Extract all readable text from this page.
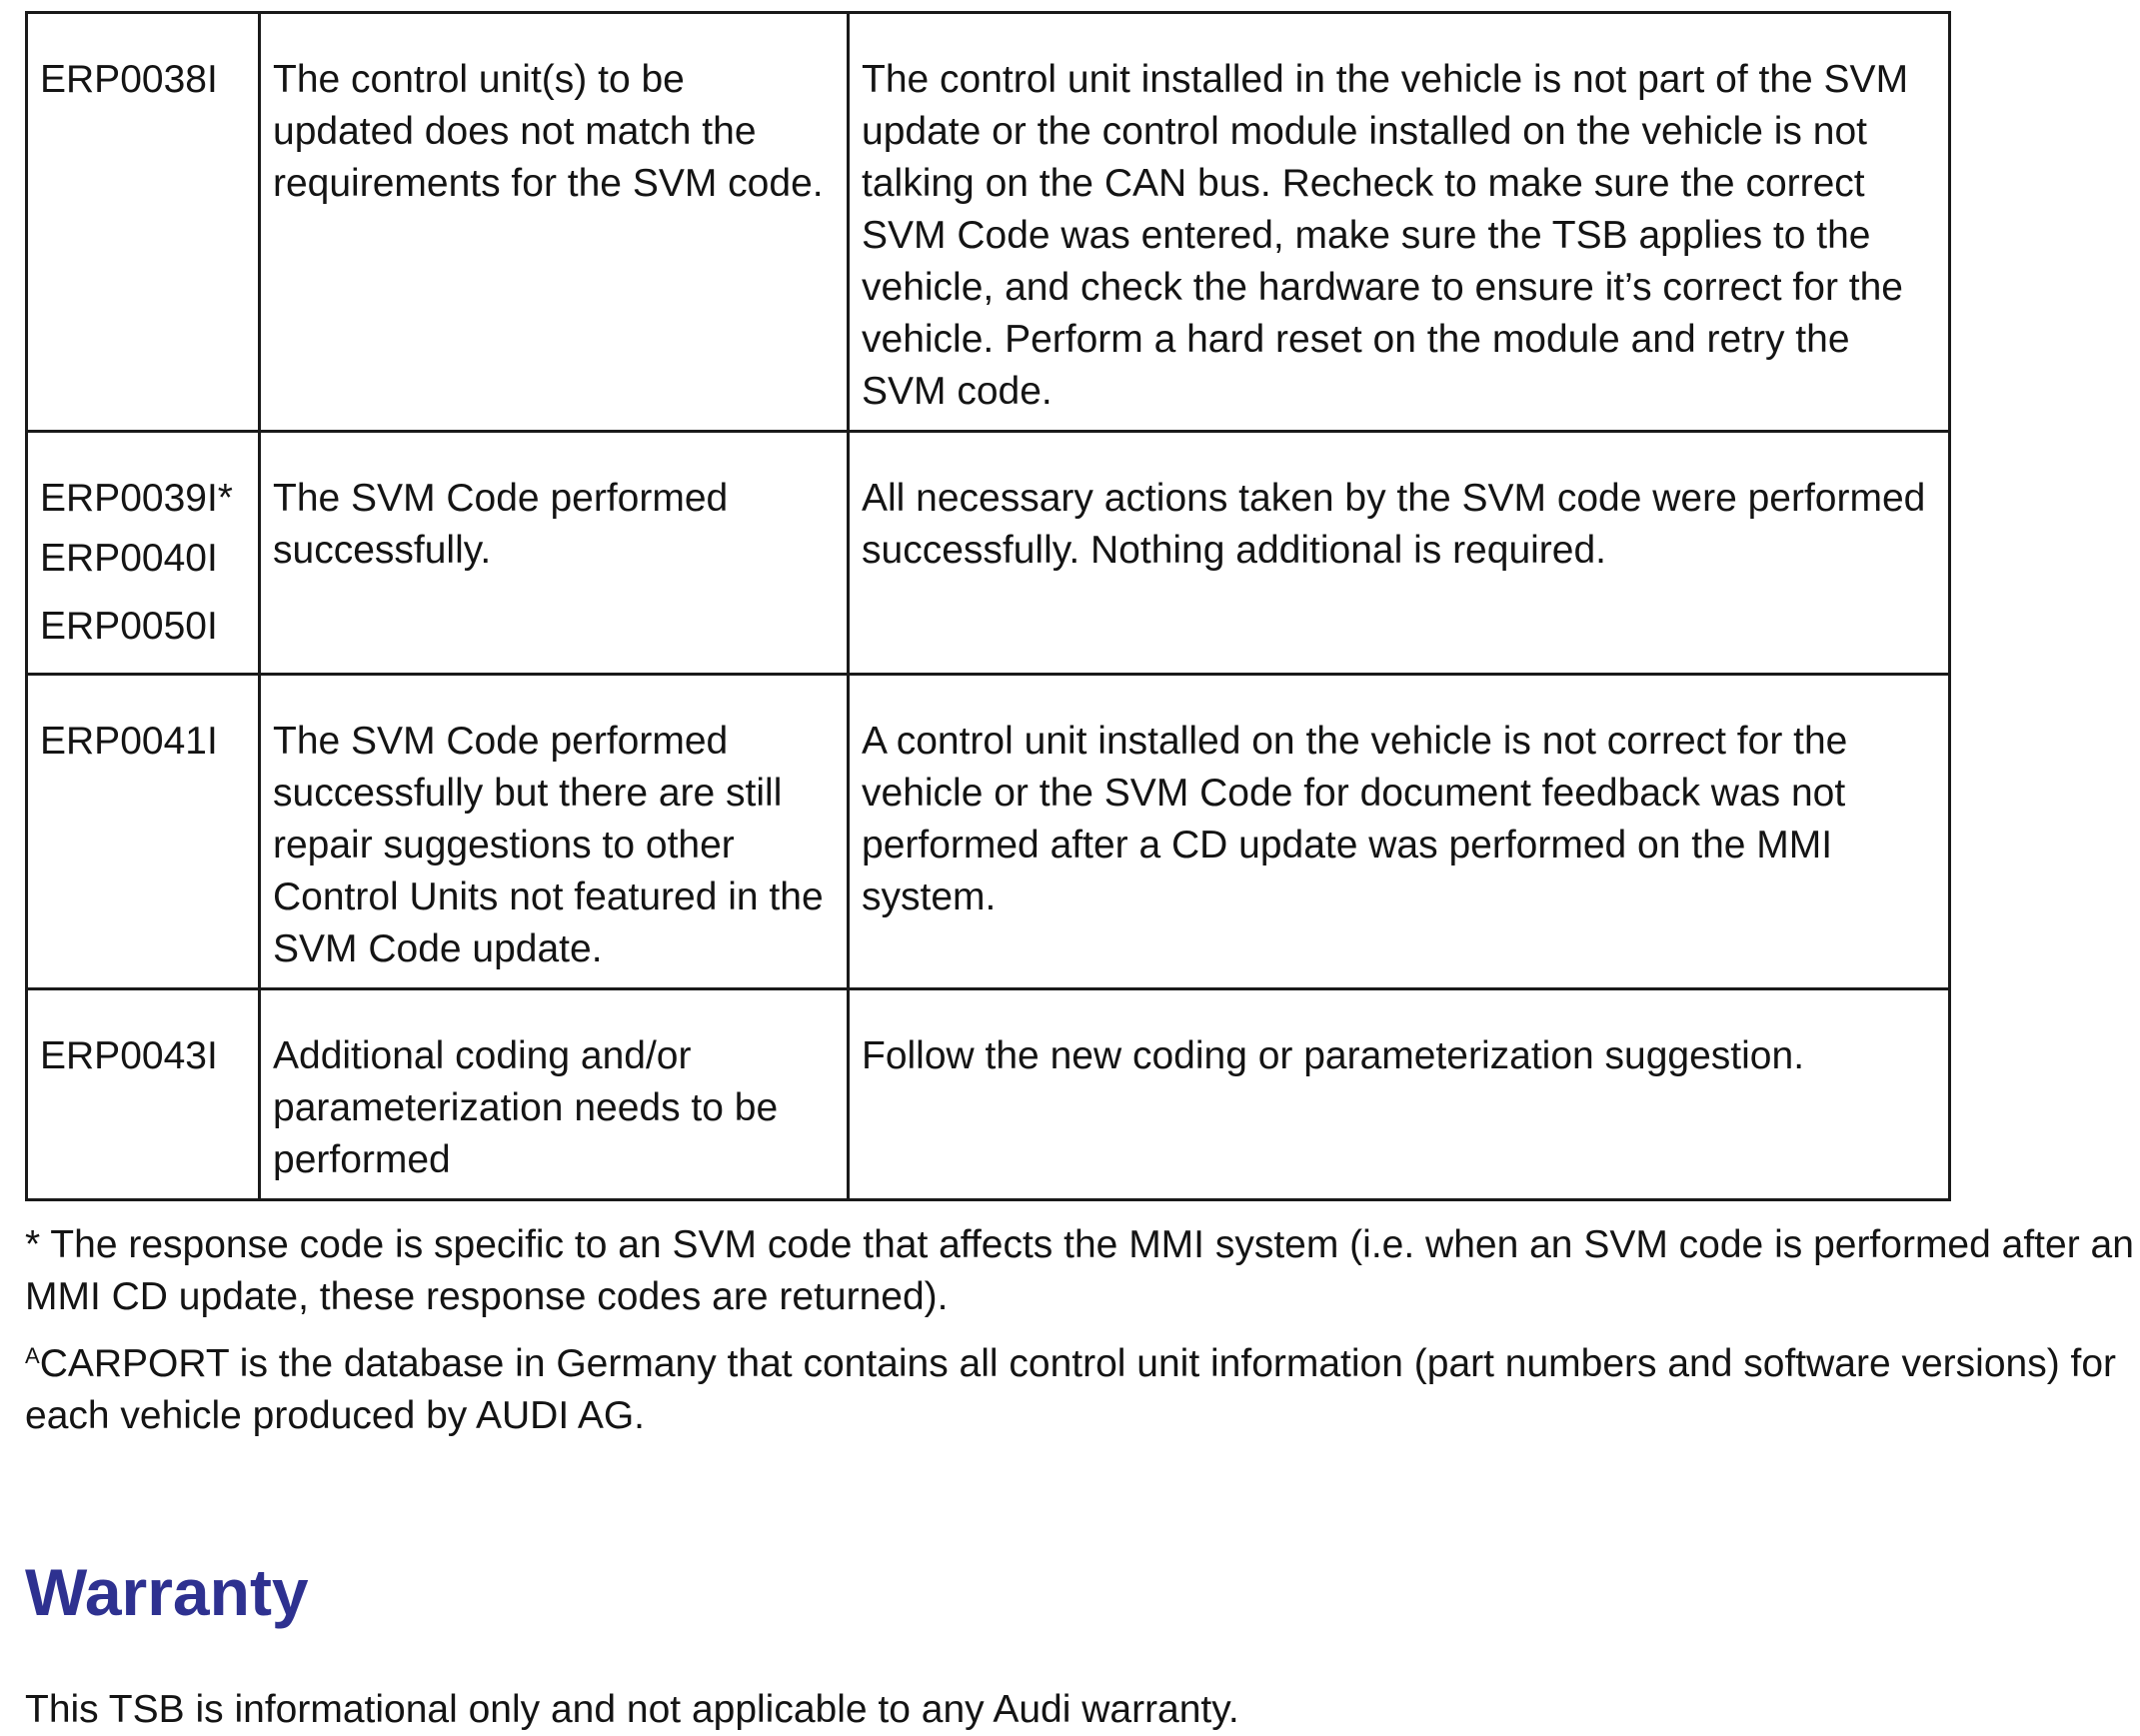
ERP0038I	The control unit(s) to be updated does not match the requirements for the SVM code.	The control unit installed in the vehicle is not part of the SVM update or the control module installed on the vehicle is not talking on the CAN bus. Recheck to make sure the correct SVM Code was entered, make sure the TSB applies to the vehicle, and check the hardware to ensure it’s correct for the vehicle. Perform a hard reset on the module and retry the SVM code.

ERP0039I*
ERP0040I
ERP0050I	The SVM Code performed successfully.	All necessary actions taken by the SVM code were performed successfully. Nothing additional is required.

ERP0041I	The SVM Code performed successfully but there are still repair suggestions to other Control Units not featured in the SVM Code update.	A control unit installed on the vehicle is not correct for the vehicle or the SVM Code for document feedback was not performed after a CD update was performed on the MMI system.

ERP0043I	Additional coding and/or parameterization needs to be performed	Follow the new coding or parameterization suggestion.

* The response code is specific to an SVM code that affects the MMI system (i.e. when an SVM code is performed after an MMI CD update, these response codes are returned).

$^A$CARPORT is the database in Germany that contains all control unit information (part numbers and software versions) for each vehicle produced by AUDI AG.

Warranty

This TSB is informational only and not applicable to any Audi warranty.
